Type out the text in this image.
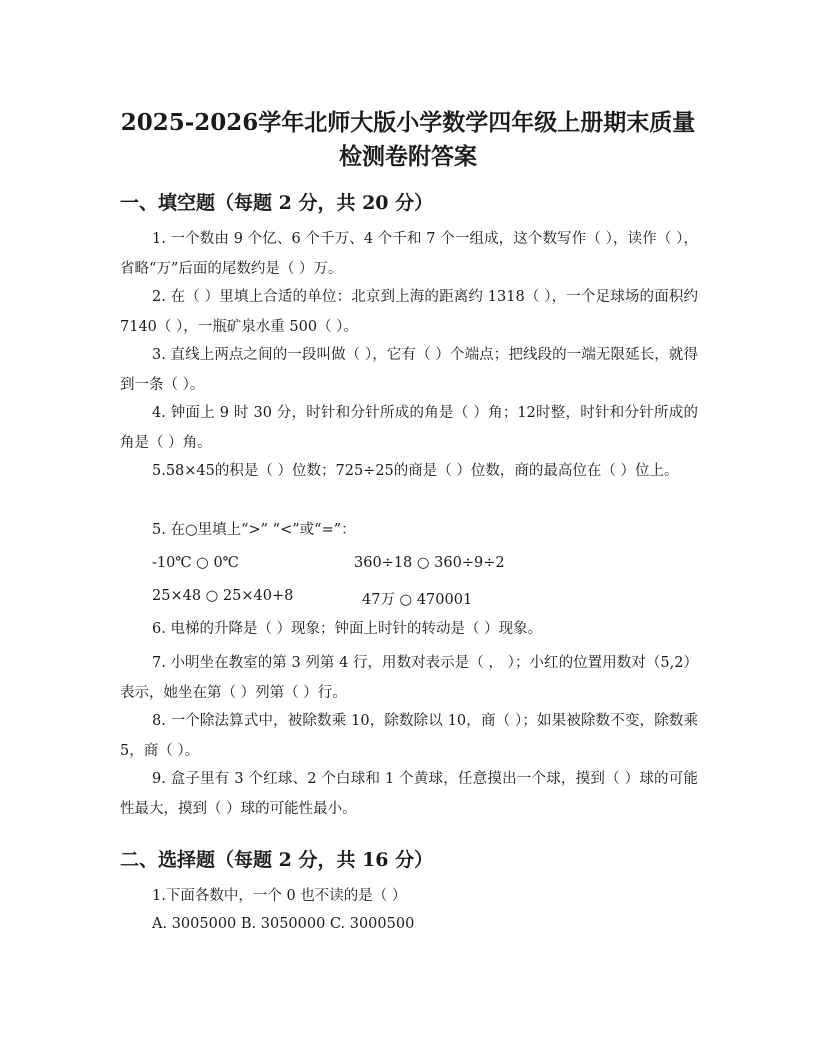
2025-2026学年北师大版小学数学四年级上册期末质量
检测卷附答案
一、填空题（每题 2 分，共 20 分）
1. 一个数由 9 个亿、6 个千万、4 个千和 7 个一组成，这个数写作（ ），读作（ ），省略“万”后面的尾数约是（ ）万。
2. 在（ ）里填上合适的单位：北京到上海的距离约 1318（ ），一个足球场的面积约 7140（ ），一瓶矿泉水重 500（ ）。
3. 直线上两点之间的一段叫做（ ），它有（ ）个端点；把线段的一端无限延长，就得到一条（ ）。
4. 钟面上 9 时 30 分，时针和分针所成的角是（ ）角；12时整，时针和分针所成的角是（ ）角。
5.58×45的积是（ ）位数；725÷25的商是（ ）位数，商的最高位在（ ）位上。
5. 在○里填上“>” “<”或“=”：
-10℃ ○ 0℃	360÷18 ○ 360÷9÷2
25×48 ○ 25×40+8	47万 ○ 470001
6. 电梯的升降是（ ）现象；钟面上时针的转动是（ ）现象。
7. 小明坐在教室的第 3 列第 4 行，用数对表示是（ ， ）；小红的位置用数对（5,2）表示，她坐在第（ ）列第（ ）行。
8. 一个除法算式中，被除数乘 10，除数除以 10，商（ ）；如果被除数不变，除数乘 5，商（ ）。
9. 盒子里有 3 个红球、2 个白球和 1 个黄球，任意摸出一个球，摸到（ ）球的可能性最大，摸到（ ）球的可能性最小。
二、选择题（每题 2 分，共 16 分）
1.下面各数中，一个 0 也不读的是（ ）
A. 3005000 B. 3050000 C. 3000500
